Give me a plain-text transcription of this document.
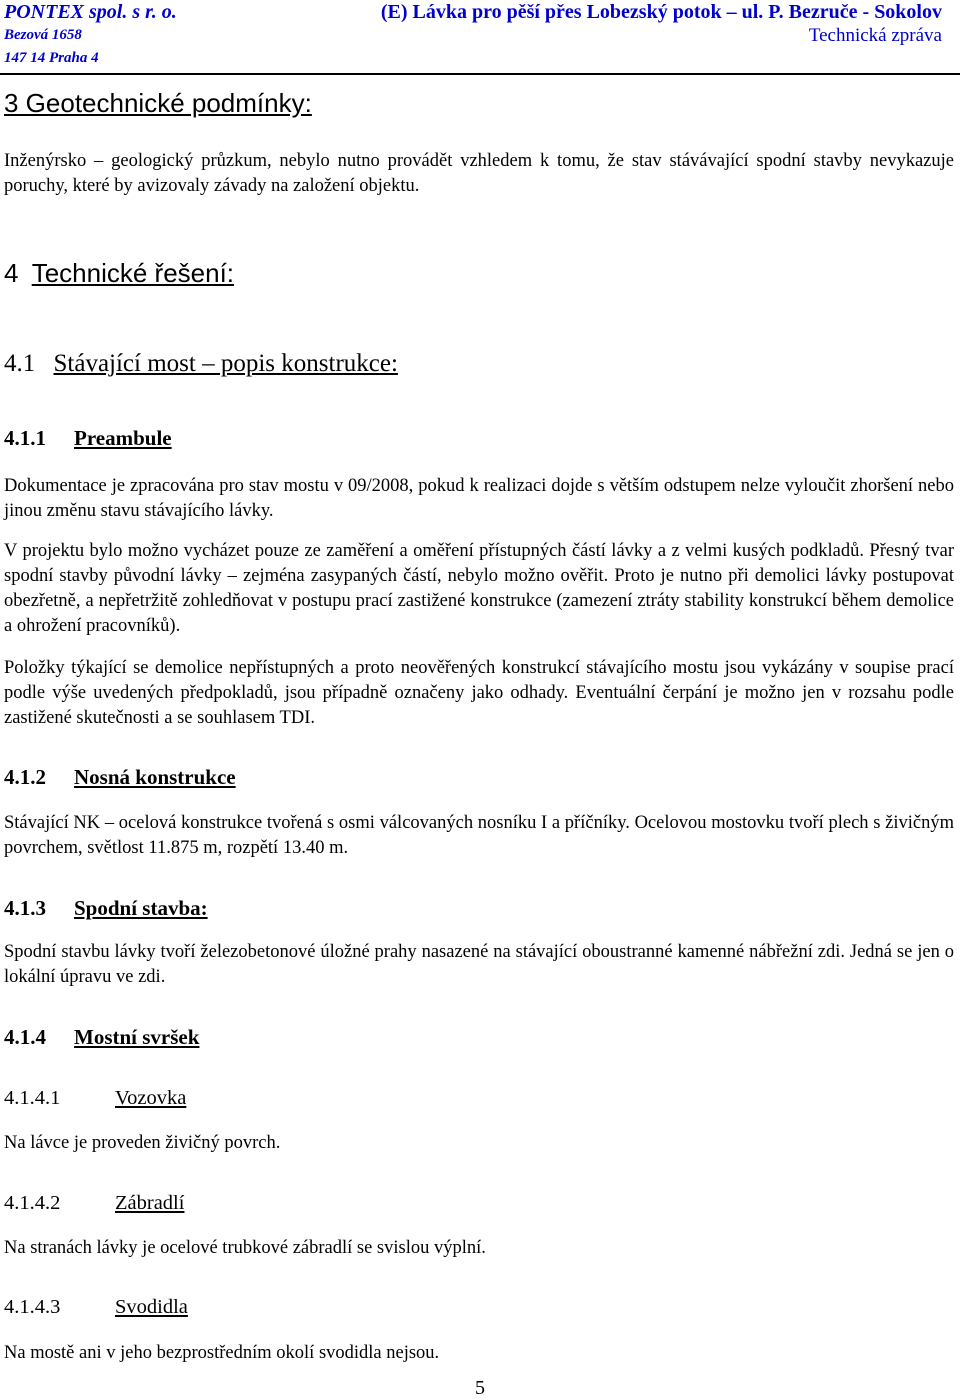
PONTEX spol. s r. o.
Bezová 1658
147 14 Praha 4
(E) Lávka pro pěší přes Lobezský potok – ul. P. Bezruče - Sokolov
Technická zpráva
3 Geotechnické podmínky:
Inženýrsko – geologický průzkum, nebylo nutno provádět vzhledem k tomu, že stav stávávající spodní stavby nevykazuje poruchy, které by avizovaly závady na založení objektu.
4 Technické řešení:
4.1 Stávající most – popis konstrukce:
4.1.1 Preambule
Dokumentace je zpracována pro stav mostu v 09/2008, pokud k realizaci dojde s větším odstupem nelze vyloučit zhoršení nebo jinou změnu stavu stávajícího lávky.
V projektu bylo možno vycházet pouze ze zaměření a oměření přístupných částí lávky a z velmi kusých podkladů. Přesný tvar spodní stavby původní lávky – zejména zasypaných částí, nebylo možno ověřit. Proto je nutno při demolici lávky postupovat obezřetně, a nepřetržitě zohledňovat v postupu prací zastižené konstrukce (zamezení ztráty stability konstrukcí během demolice a ohrožení pracovníků).
Položky týkající se demolice nepřístupných a proto neověřených konstrukcí stávajícího mostu jsou vykázány v soupise prací podle výše uvedených předpokladů, jsou případně označeny jako odhady. Eventuální čerpání je možno jen v rozsahu podle zastižené skutečnosti a se souhlasem TDI.
4.1.2 Nosná konstrukce
Stávající NK – ocelová konstrukce tvořená s osmi válcovaných nosníku I a příčníky. Ocelovou mostovku tvoří plech s živičným povrchem, světlost 11.875 m, rozpětí 13.40 m.
4.1.3 Spodní stavba:
Spodní stavbu lávky tvoří železobetonové úložné prahy nasazené na stávající oboustranné kamenné nábřežní zdi. Jedná se jen o lokální úpravu ve zdi.
4.1.4 Mostní svršek
4.1.4.1	Vozovka
Na lávce je proveden živičný povrch.
4.1.4.2	Zábradlí
Na stranách lávky je ocelové trubkové zábradlí se svislou výplní.
4.1.4.3	Svodidla
Na mostě ani v jeho bezprostředním okolí svodidla nejsou.
5
